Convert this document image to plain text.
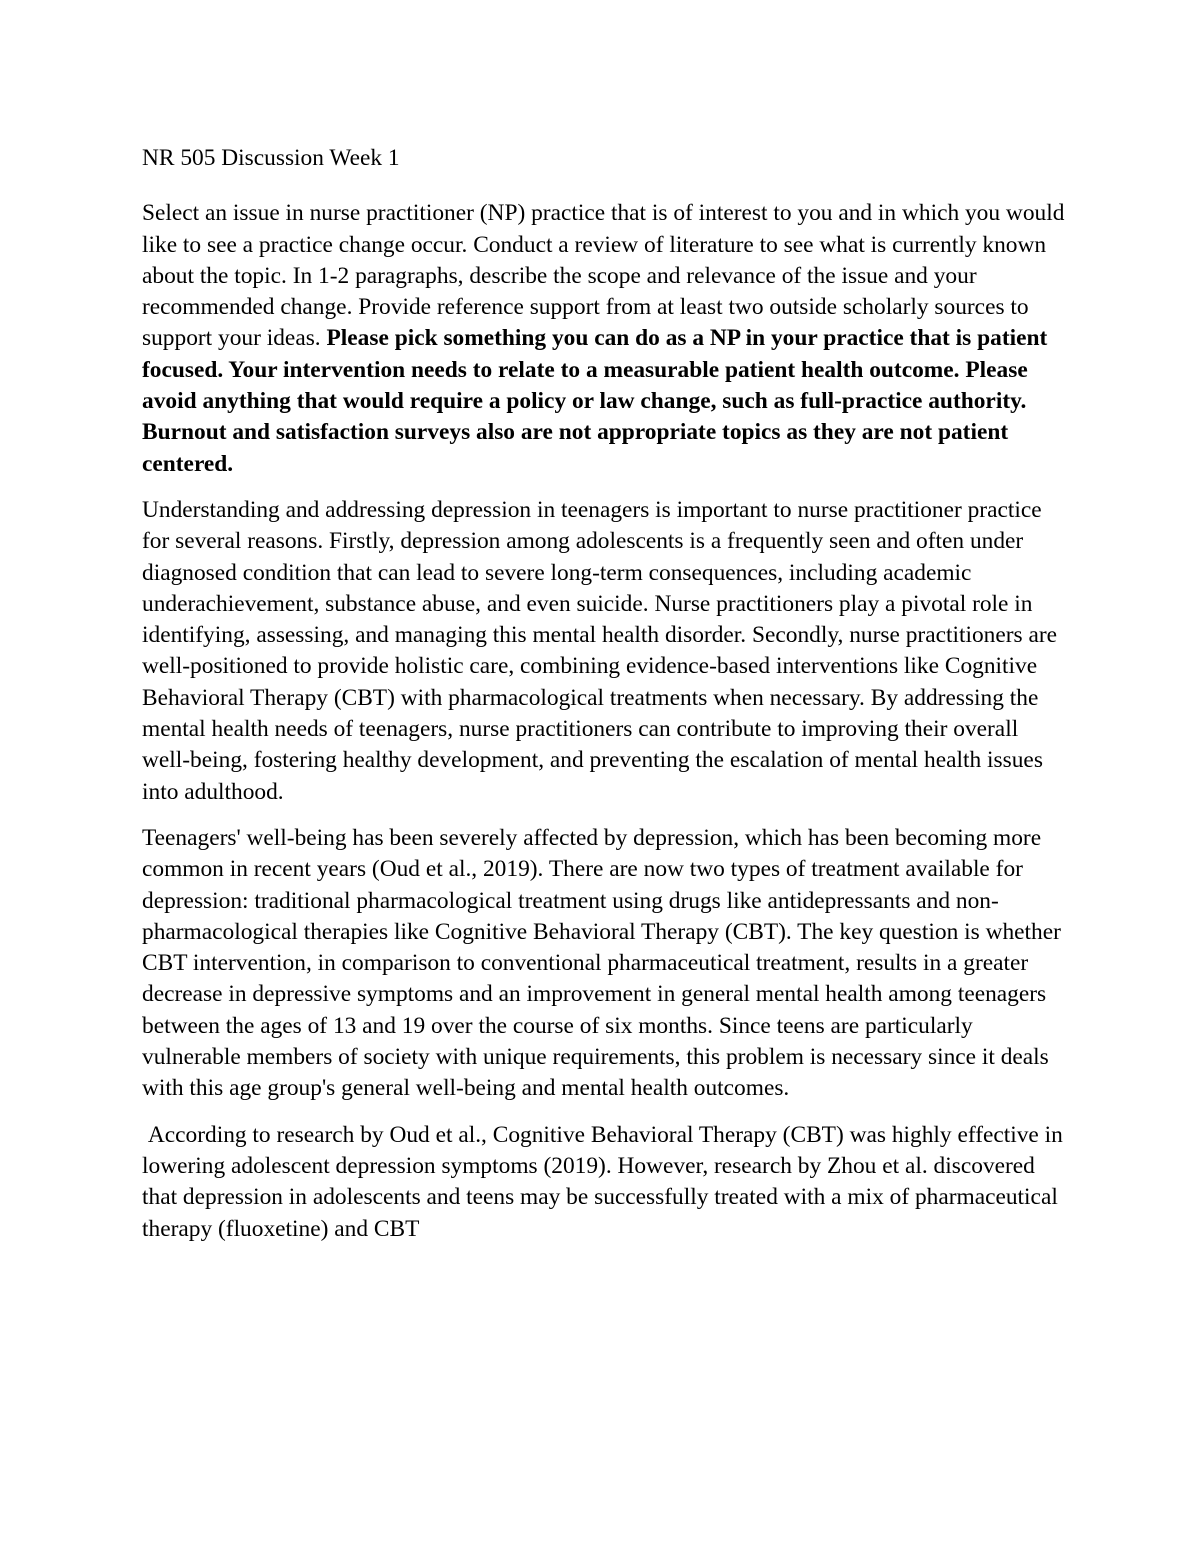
NR 505 Discussion Week 1

Select an issue in nurse practitioner (NP) practice that is of interest to you and in which you would like to see a practice change occur. Conduct a review of literature to see what is currently known about the topic. In 1-2 paragraphs, describe the scope and relevance of the issue and your recommended change. Provide reference support from at least two outside scholarly sources to support your ideas. Please pick something you can do as a NP in your practice that is patient focused. Your intervention needs to relate to a measurable patient health outcome. Please avoid anything that would require a policy or law change, such as full-practice authority. Burnout and satisfaction surveys also are not appropriate topics as they are not patient centered.

Understanding and addressing depression in teenagers is important to nurse practitioner practice for several reasons. Firstly, depression among adolescents is a frequently seen and often under diagnosed condition that can lead to severe long-term consequences, including academic underachievement, substance abuse, and even suicide. Nurse practitioners play a pivotal role in identifying, assessing, and managing this mental health disorder. Secondly, nurse practitioners are well-positioned to provide holistic care, combining evidence-based interventions like Cognitive Behavioral Therapy (CBT) with pharmacological treatments when necessary. By addressing the mental health needs of teenagers, nurse practitioners can contribute to improving their overall well-being, fostering healthy development, and preventing the escalation of mental health issues into adulthood.

Teenagers' well-being has been severely affected by depression, which has been becoming more common in recent years (Oud et al., 2019). There are now two types of treatment available for depression: traditional pharmacological treatment using drugs like antidepressants and non-pharmacological therapies like Cognitive Behavioral Therapy (CBT). The key question is whether CBT intervention, in comparison to conventional pharmaceutical treatment, results in a greater decrease in depressive symptoms and an improvement in general mental health among teenagers between the ages of 13 and 19 over the course of six months. Since teens are particularly vulnerable members of society with unique requirements, this problem is necessary since it deals with this age group's general well-being and mental health outcomes.

According to research by Oud et al., Cognitive Behavioral Therapy (CBT) was highly effective in lowering adolescent depression symptoms (2019). However, research by Zhou et al. discovered that depression in adolescents and teens may be successfully treated with a mix of pharmaceutical therapy (fluoxetine) and CBT
